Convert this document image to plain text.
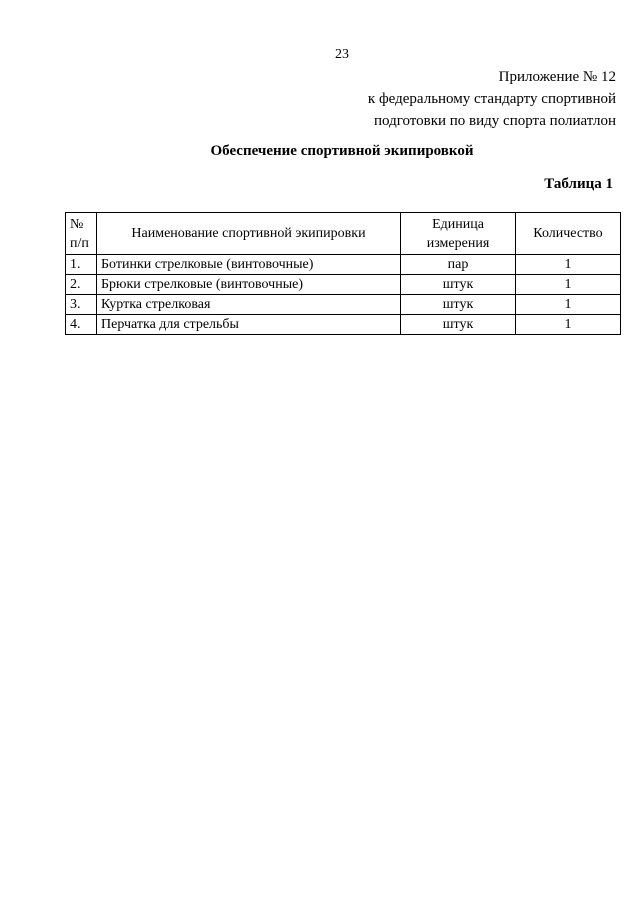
23
Приложение № 12
к федеральному стандарту спортивной
подготовки по виду спорта полиатлон
Обеспечение спортивной экипировкой
Таблица 1
№ п/п	Наименование спортивной экипировки	Единица измерения	Количество
1.	Ботинки стрелковые (винтовочные)	пар	1
2.	Брюки стрелковые (винтовочные)	штук	1
3.	Куртка стрелковая	штук	1
4.	Перчатка для стрельбы	штук	1
